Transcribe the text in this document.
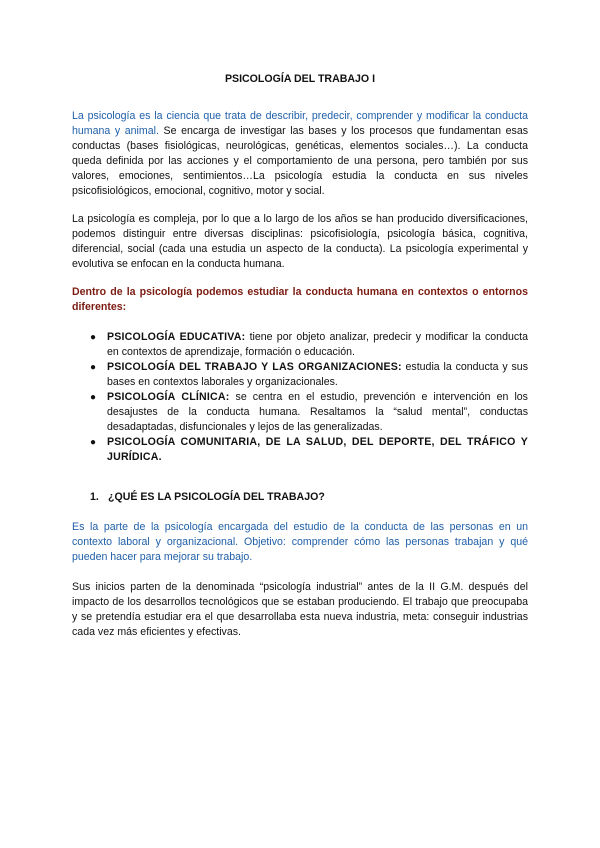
PSICOLOGÍA DEL TRABAJO I

La psicología es la ciencia que trata de describir, predecir, comprender y modificar la conducta humana y animal. Se encarga de investigar las bases y los procesos que fundamentan esas conductas (bases fisiológicas, neurológicas, genéticas, elementos sociales…). La conducta queda definida por las acciones y el comportamiento de una persona, pero también por sus valores, emociones, sentimientos…La psicología estudia la conducta en sus niveles psicofisiológicos, emocional, cognitivo, motor y social.

La psicología es compleja, por lo que a lo largo de los años se han producido diversificaciones, podemos distinguir entre diversas disciplinas: psicofisiología, psicología básica, cognitiva, diferencial, social (cada una estudia un aspecto de la conducta). La psicología experimental y evolutiva se enfocan en la conducta humana.

Dentro de la psicología podemos estudiar la conducta humana en contextos o entornos diferentes:

● PSICOLOGÍA EDUCATIVA: tiene por objeto analizar, predecir y modificar la conducta en contextos de aprendizaje, formación o educación.
● PSICOLOGÍA DEL TRABAJO Y LAS ORGANIZACIONES: estudia la conducta y sus bases en contextos laborales y organizacionales.
● PSICOLOGÍA CLÍNICA: se centra en el estudio, prevención e intervención en los desajustes de la conducta humana. Resaltamos la “salud mental”, conductas desadaptadas, disfuncionales y lejos de las generalizadas.
● PSICOLOGÍA COMUNITARIA, DE LA SALUD, DEL DEPORTE, DEL TRÁFICO Y JURÍDICA.
1. ¿QUÉ ES LA PSICOLOGÍA DEL TRABAJO?

Es la parte de la psicología encargada del estudio de la conducta de las personas en un contexto laboral y organizacional. Objetivo: comprender cómo las personas trabajan y qué pueden hacer para mejorar su trabajo.

Sus inicios parten de la denominada “psicología industrial” antes de la II G.M. después del impacto de los desarrollos tecnológicos que se estaban produciendo. El trabajo que preocupaba y se pretendía estudiar era el que desarrollaba esta nueva industria, meta: conseguir industrias cada vez más eficientes y efectivas.
